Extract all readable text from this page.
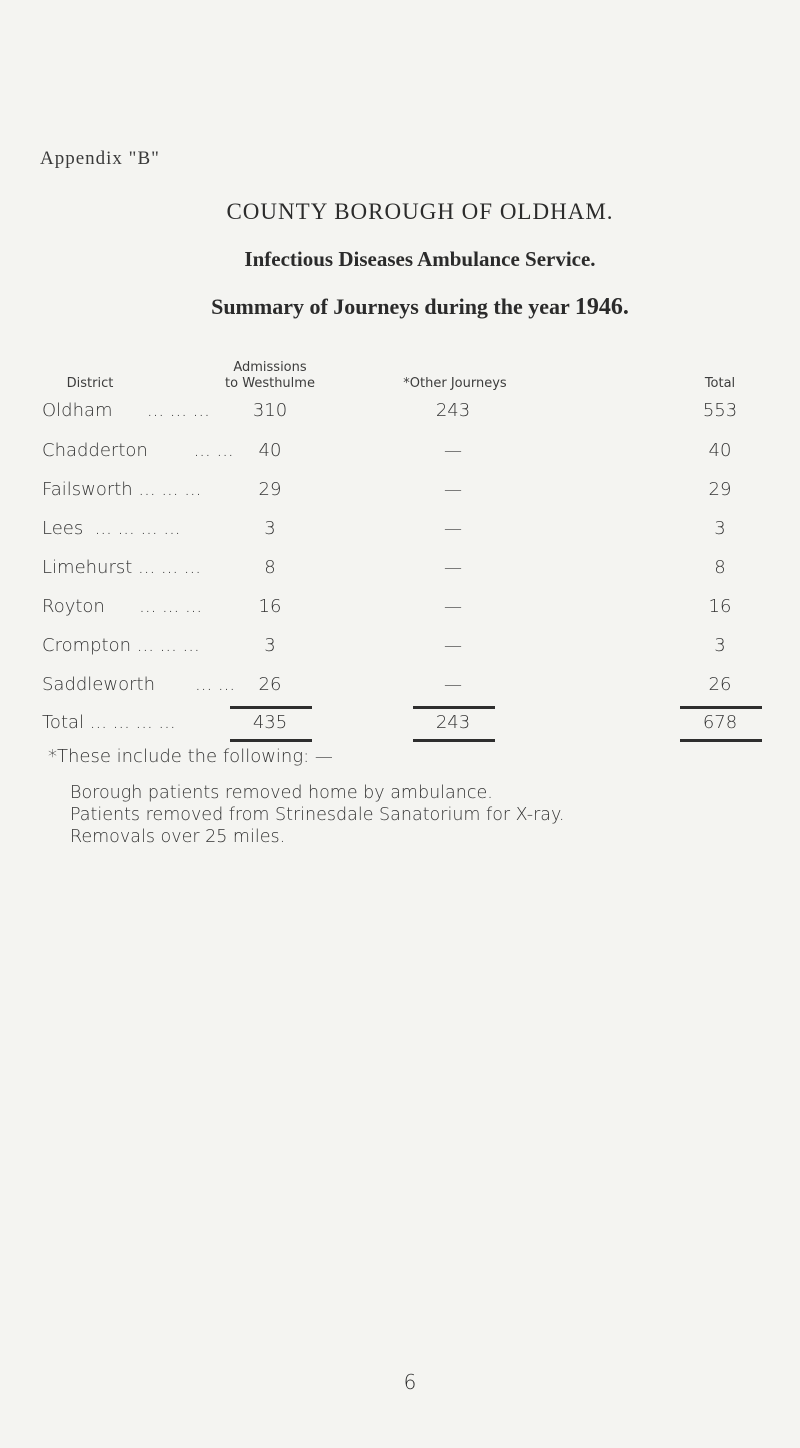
Appendix "B"
COUNTY BOROUGH OF OLDHAM.
Infectious Diseases Ambulance Service.
Summary of Journeys during the year 1946.
District
Admissions
to Westhulme	*Other Journeys	Total
Oldham      ... ... ...	310	243	553
Chadderton        ... ...	40	—	40
Failsworth ... ... ...	29	—	29
Lees  ... ... ... ...	3	—	3
Limehurst ... ... ...	8	—	8
Royton      ... ... ...	16	—	16
Crompton ... ... ...	3	—	3
Saddleworth       ... ...	26	—	26
Total ... ... ... ...	435	243	678
*These include the following: —
Borough patients removed home by ambulance.
Patients removed from Strinesdale Sanatorium for X-ray.
Removals over 25 miles.
6
